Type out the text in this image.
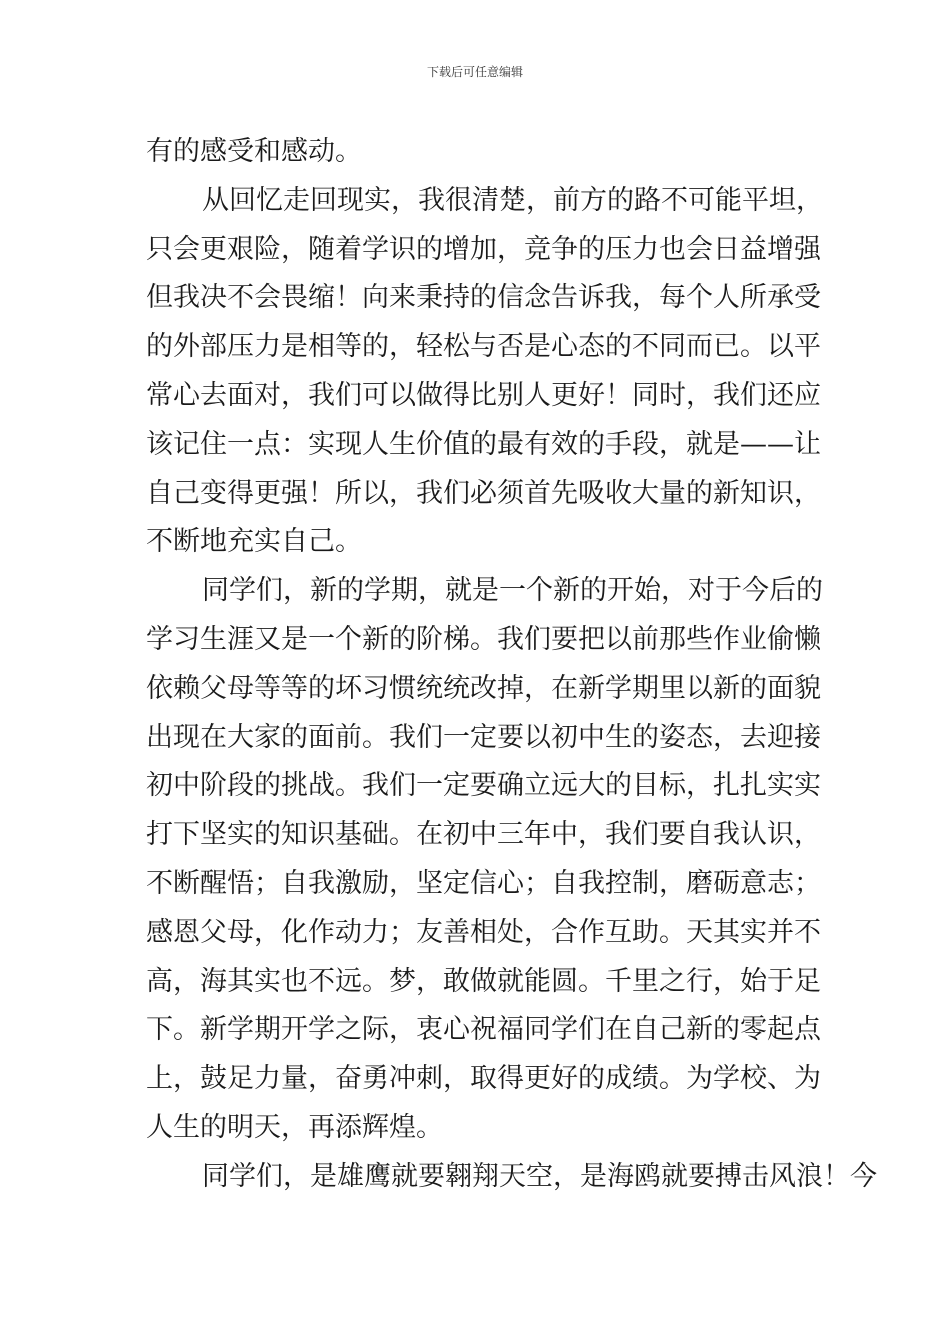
下载后可任意编辑
有的感受和感动。
从回忆走回现实，我很清楚，前方的路不可能平坦，
只会更艰险，随着学识的增加，竞争的压力也会日益增强
但我决不会畏缩！向来秉持的信念告诉我，每个人所承受
的外部压力是相等的，轻松与否是心态的不同而已。以平
常心去面对，我们可以做得比别人更好！同时，我们还应
该记住一点：实现人生价值的最有效的手段，就是——让
自己变得更强！所以，我们必须首先吸收大量的新知识，
不断地充实自己。
同学们，新的学期，就是一个新的开始，对于今后的
学习生涯又是一个新的阶梯。我们要把以前那些作业偷懒
依赖父母等等的坏习惯统统改掉，在新学期里以新的面貌
出现在大家的面前。我们一定要以初中生的姿态，去迎接
初中阶段的挑战。我们一定要确立远大的目标，扎扎实实
打下坚实的知识基础。在初中三年中，我们要自我认识，
不断醒悟；自我激励，坚定信心；自我控制，磨砺意志；
感恩父母，化作动力；友善相处，合作互助。天其实并不
高，海其实也不远。梦，敢做就能圆。千里之行，始于足
下。新学期开学之际，衷心祝福同学们在自己新的零起点
上，鼓足力量，奋勇冲刺，取得更好的成绩。为学校、为
人生的明天，再添辉煌。
同学们，是雄鹰就要翱翔天空，是海鸥就要搏击风浪！今
